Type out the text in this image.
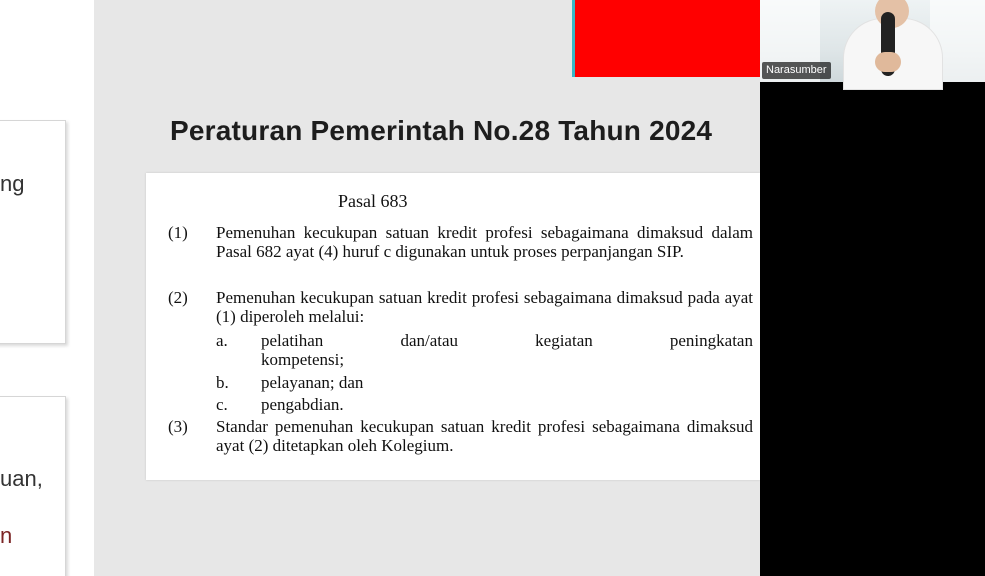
ng
uan,
n
Peraturan Pemerintah No.28 Tahun 2024
Pasal 683
(1) Pemenuhan kecukupan satuan kredit profesi sebagaimana dimaksud dalam Pasal 682 ayat (4) huruf c digunakan untuk proses perpanjangan SIP.
(2) Pemenuhan kecukupan satuan kredit profesi sebagaimana dimaksud pada ayat (1) diperoleh melalui:
a. pelatihan	dan/atau	kegiatan	peningkatan
kompetensi;
b. pelayanan; dan
c. pengabdian.
(3) Standar pemenuhan kecukupan satuan kredit profesi sebagaimana dimaksud ayat (2) ditetapkan oleh Kolegium.
Narasumber
